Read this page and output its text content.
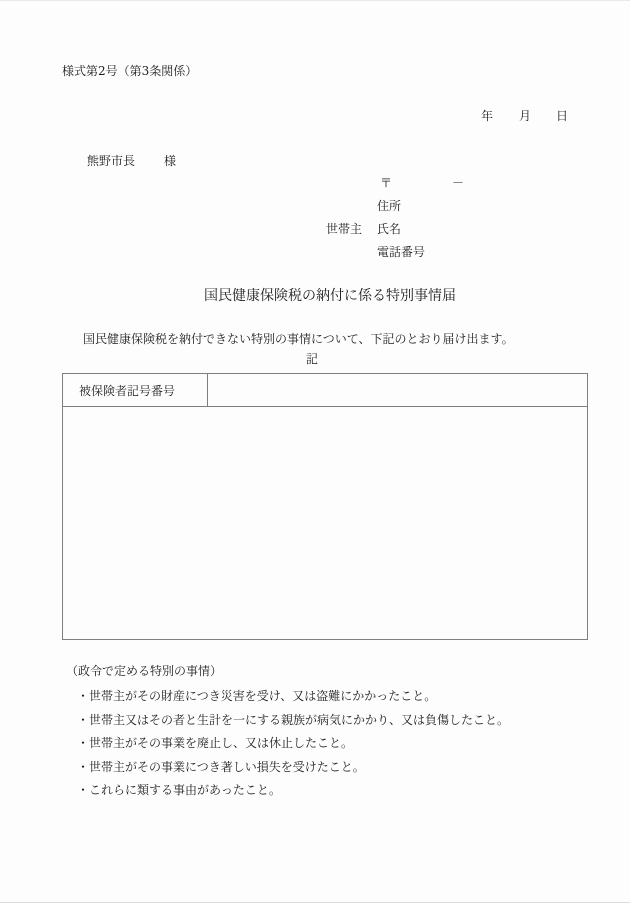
様式第2号（第3条関係）
年 月 日
熊野市長 様
〒	－
住所
世帯主 氏名
電話番号
国民健康保険税の納付に係る特別事情届
国民健康保険税を納付できない特別の事情について、下記のとおり届け出ます。
記
被保険者記号番号	

（政令で定める特別の事情）
・世帯主がその財産につき災害を受け、又は盗難にかかったこと。
・世帯主又はその者と生計を一にする親族が病気にかかり、又は負傷したこと。
・世帯主がその事業を廃止し、又は休止したこと。
・世帯主がその事業につき著しい損失を受けたこと。
・これらに類する事由があったこと。
